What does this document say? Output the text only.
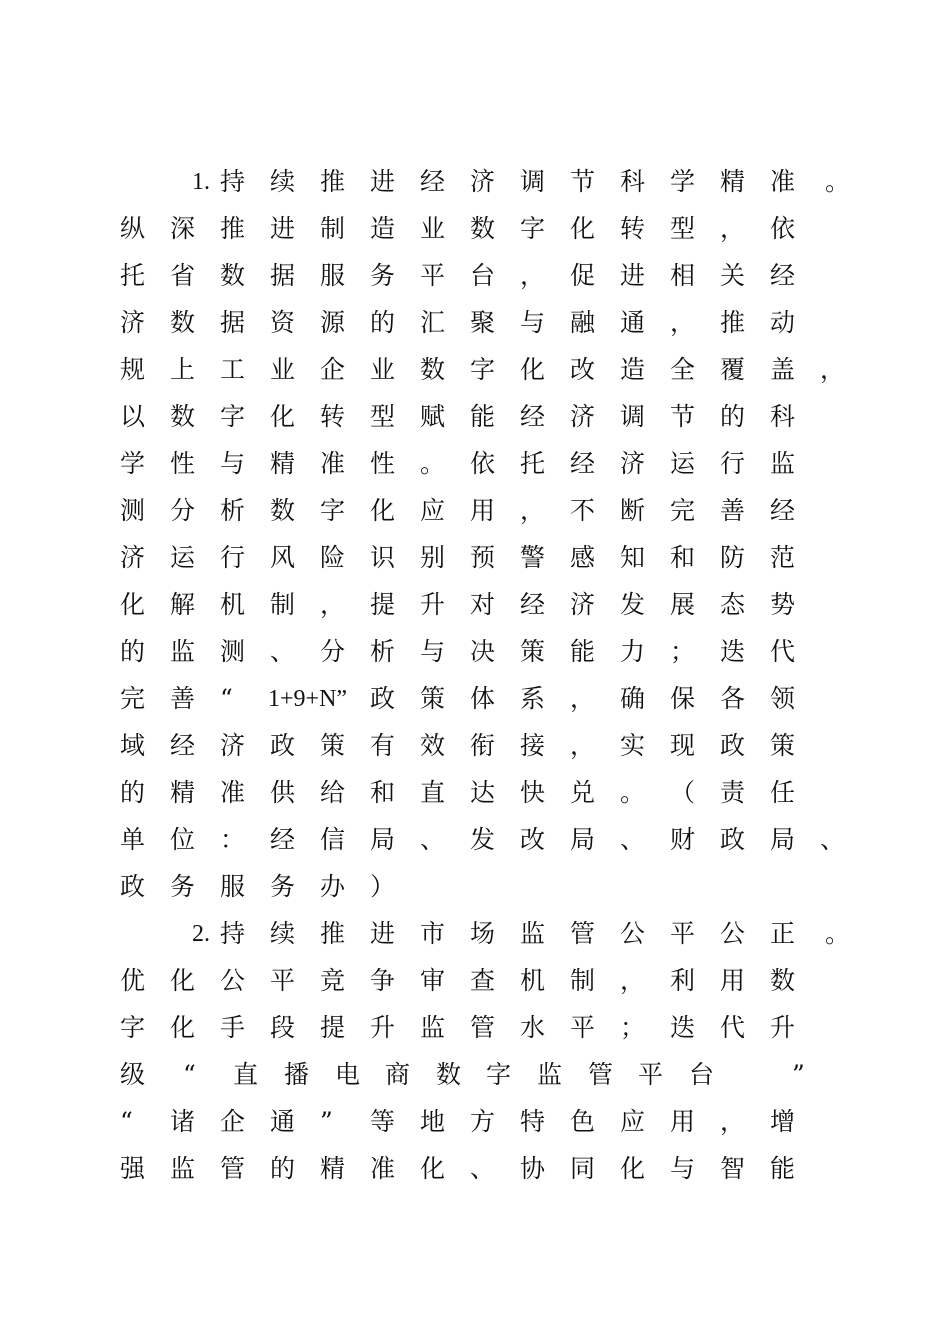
1. 持 续 推 进 经 济 调 节 科 学 精 准 。
纵 深 推 进 制 造 业 数 字 化 转 型 ， 依
托 省 数 据 服 务 平 台 ， 促 进 相 关 经
济 数 据 资 源 的 汇 聚 与 融 通 ， 推 动
规 上 工 业 企 业 数 字 化 改 造 全 覆 盖 ，
以 数 字 化 转 型 赋 能 经 济 调 节 的 科
学 性 与 精 准 性 。 依 托 经 济 运 行 监
测 分 析 数 字 化 应 用 ， 不 断 完 善 经
济 运 行 风 险 识 别 预 警 感 知 和 防 范
化 解 机 制 ， 提 升 对 经 济 发 展 态 势
的 监 测 、 分 析 与 决 策 能 力 ； 迭 代
完 善 “ 1+9+N” 政 策 体 系 ， 确 保 各 领
域 经 济 政 策 有 效 衔 接 ， 实 现 政 策
的 精 准 供 给 和 直 达 快 兑 。 （ 责 任
单 位 ： 经 信 局 、 发 改 局 、 财 政 局 、
政 务 服 务 办 ）
2. 持 续 推 进 市 场 监 管 公 平 公 正 。
优 化 公 平 竞 争 审 查 机 制 ， 利 用 数
字 化 手 段 提 升 监 管 水 平 ； 迭 代 升
级 “ 直 播 电 商 数 字 监 管 平 台	”
“ 诸 企 通 ” 等 地 方 特 色 应 用 ， 增
强 监 管 的 精 准 化 、 协 同 化 与 智 能
